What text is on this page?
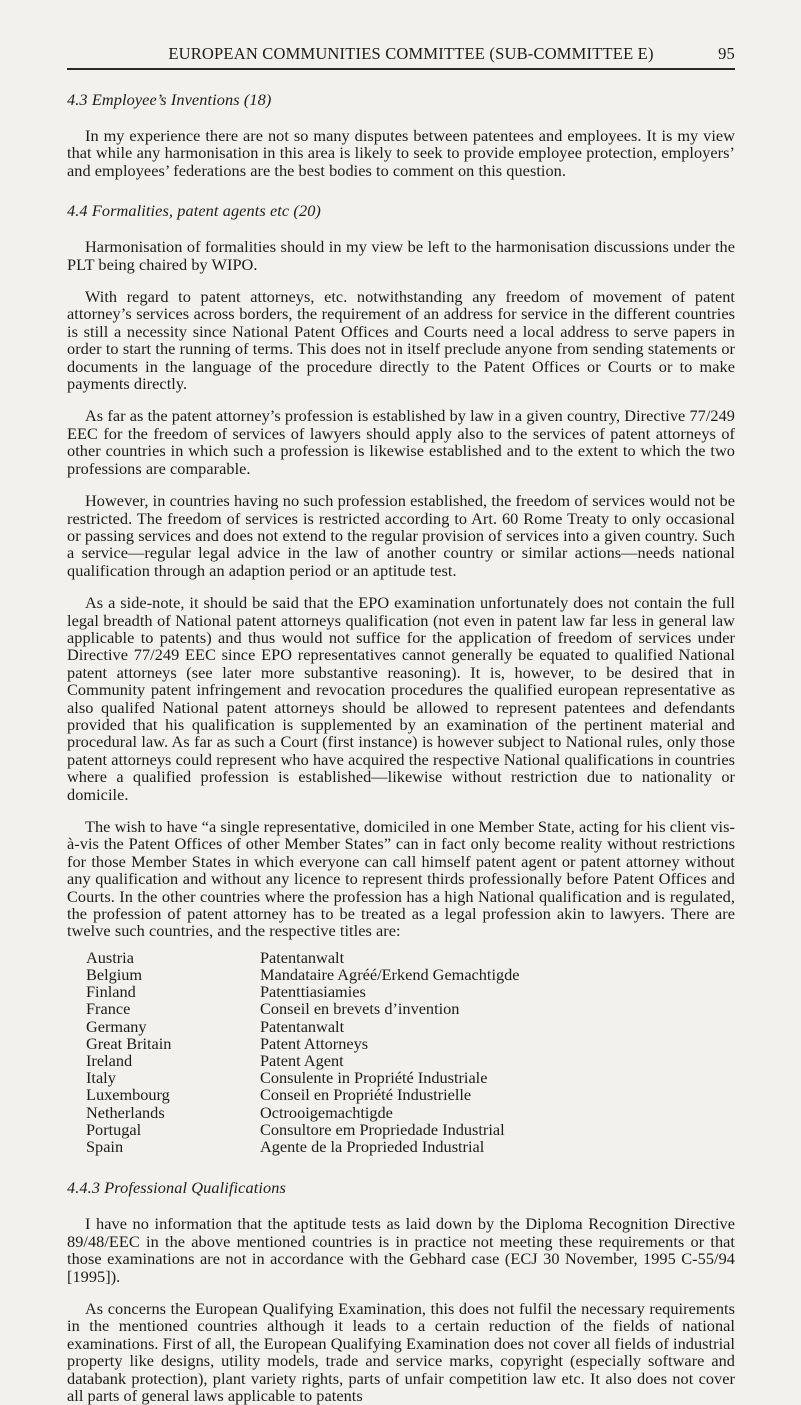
EUROPEAN COMMUNITIES COMMITTEE (SUB-COMMITTEE E)	95
4.3 Employee’s Inventions (18)

In my experience there are not so many disputes between patentees and employees. It is my view that while any harmonisation in this area is likely to seek to provide employee protection, employers’ and employees’ federations are the best bodies to comment on this question.

4.4 Formalities, patent agents etc (20)

Harmonisation of formalities should in my view be left to the harmonisation discussions under the PLT being chaired by WIPO.

With regard to patent attorneys, etc. notwithstanding any freedom of movement of patent attorney’s services across borders, the requirement of an address for service in the different countries is still a necessity since National Patent Offices and Courts need a local address to serve papers in order to start the running of terms. This does not in itself preclude anyone from sending statements or documents in the language of the procedure directly to the Patent Offices or Courts or to make payments directly.

As far as the patent attorney’s profession is established by law in a given country, Directive 77/249 EEC for the freedom of services of lawyers should apply also to the services of patent attorneys of other countries in which such a profession is likewise established and to the extent to which the two professions are comparable.

However, in countries having no such profession established, the freedom of services would not be restricted. The freedom of services is restricted according to Art. 60 Rome Treaty to only occasional or passing services and does not extend to the regular provision of services into a given country. Such a service—regular legal advice in the law of another country or similar actions—needs national qualification through an adaption period or an aptitude test.

As a side-note, it should be said that the EPO examination unfortunately does not contain the full legal breadth of National patent attorneys qualification (not even in patent law far less in general law applicable to patents) and thus would not suffice for the application of freedom of services under Directive 77/249 EEC since EPO representatives cannot generally be equated to qualified National patent attorneys (see later more substantive reasoning). It is, however, to be desired that in Community patent infringement and revocation procedures the qualified european representative as also qualifed National patent attorneys should be allowed to represent patentees and defendants provided that his qualification is supplemented by an examination of the pertinent material and procedural law. As far as such a Court (first instance) is however subject to National rules, only those patent attorneys could represent who have acquired the respective National qualifications in countries where a qualified profession is established—likewise without restriction due to nationality or domicile.

The wish to have “a single representative, domiciled in one Member State, acting for his client vis-à-vis the Patent Offices of other Member States” can in fact only become reality without restrictions for those Member States in which everyone can call himself patent agent or patent attorney without any qualification and without any licence to represent thirds professionally before Patent Offices and Courts. In the other countries where the profession has a high National qualification and is regulated, the profession of patent attorney has to be treated as a legal profession akin to lawyers. There are twelve such countries, and the respective titles are:

Austria	Patentanwalt
Belgium	Mandataire Agréé/Erkend Gemachtigde
Finland	Patenttiasiamies
France	Conseil en brevets d’invention
Germany	Patentanwalt
Great Britain	Patent Attorneys
Ireland	Patent Agent
Italy	Consulente in Propriété Industriale
Luxembourg	Conseil en Propriété Industrielle
Netherlands	Octrooigemachtigde
Portugal	Consultore em Propriedade Industrial
Spain	Agente de la Proprieded Industrial
4.4.3 Professional Qualifications

I have no information that the aptitude tests as laid down by the Diploma Recognition Directive 89/48/EEC in the above mentioned countries is in practice not meeting these requirements or that those examinations are not in accordance with the Gebhard case (ECJ 30 November, 1995 C-55/94 [1995]).

As concerns the European Qualifying Examination, this does not fulfil the necessary requirements in the mentioned countries although it leads to a certain reduction of the fields of national examinations. First of all, the European Qualifying Examination does not cover all fields of industrial property like designs, utility models, trade and service marks, copyright (especially software and databank protection), plant variety rights, parts of unfair competition law etc. It also does not cover all parts of general laws applicable to patents
